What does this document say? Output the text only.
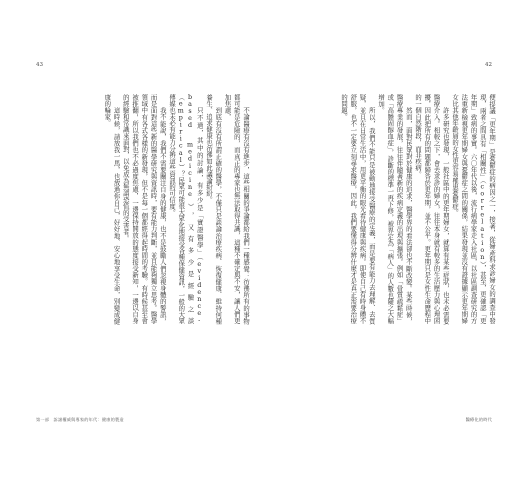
43
不論醫療有沒有進步，這些相關的爭論都給我們一種感覺：彷彿所有的事物都可能是危險的，而真正的專家也無法取得共識，這種不確定與不安，讓人們更加焦慮，
到底有沒有所謂正確的醫學，不僅只是談論治療疾病、恢復健康、維持何種養生、追求健康也彷彿如此議論紛紛。
只不過，其中的討論，有多少是「實證醫學」（evidence-based medicine），又有多少是經驗之談（empirical）？民眾可能很大眾化地接受各種保健資訊，一般的大眾傳媒也未必有能力分辨這些資訊的可信度。
我不能說，我們不需要關注自身的健康，也不是鼓勵人們忽視身體的警訊，而是面對這些新的醫學研究與資訊時，要有能力判斷，並且能夠獨立思考。醫學領域中有各式各樣的新發現，但不是每一個都經得起時間的考驗。有時候甚至會被推翻，所以我們也不必過度焦慮，一邊保持開放的態度接受新知，一邊以自身的經驗和常識來面對，以免成為無謂恐慌的受害者。
這時候，請放我一馬，也放過你自己，好好地、安心地享受生命，別變成健康的輪家。
第一部　訴諸權威與專家的年代：健康的製造
42
便提議「更年期」是憂鬱症的病因之一，接著，從婦產科求診婦女的調查中發現，兩者之間具有「相關性」（correlation），甚至，更確認「更年期」致病的事實。六〇年代以後，流行病學家走入社區，以社區調查研究的方法重新檢視更年期婦女與憂鬱症之間的關係，結果發現並沒有證據顯示更年期婦女比其他年齡層的女性更容易罹患憂鬱症。
許多研究也發現，一般社區中的更年期婦女，就算有某些症狀，也未必需要醫療介入。相較之下，會去求診的婦女，往往本身就有較多的生活壓力與心理困擾，因此把所有的問題都歸咎於更年期，並不公平。更年期只是女性生命歷程中的一個自然階段，而非疾病。
然而，面對民眾對於健康的追求，醫學界的看法卻也不斷改變。某些時候，醫療專業的發展，往往伴隨著新的疾病定義的出現與擴張。例如「骨質疏鬆症」或「高膽固醇血症」，診斷的標準一再下修，被界定為「病人」的人數也隨之大幅增加。
所以，我們不能只是被動地接受醫療的定義，而是要有能力去理解、去質疑，並且在日常生活中，用更平衡的眼光看待健康與疾病。即使自己有時身體不舒服，也不一定要立刻尋求醫療，因此，我們要懂得分辨什麼才是真正需要治療的問題。
醫療化的時代
